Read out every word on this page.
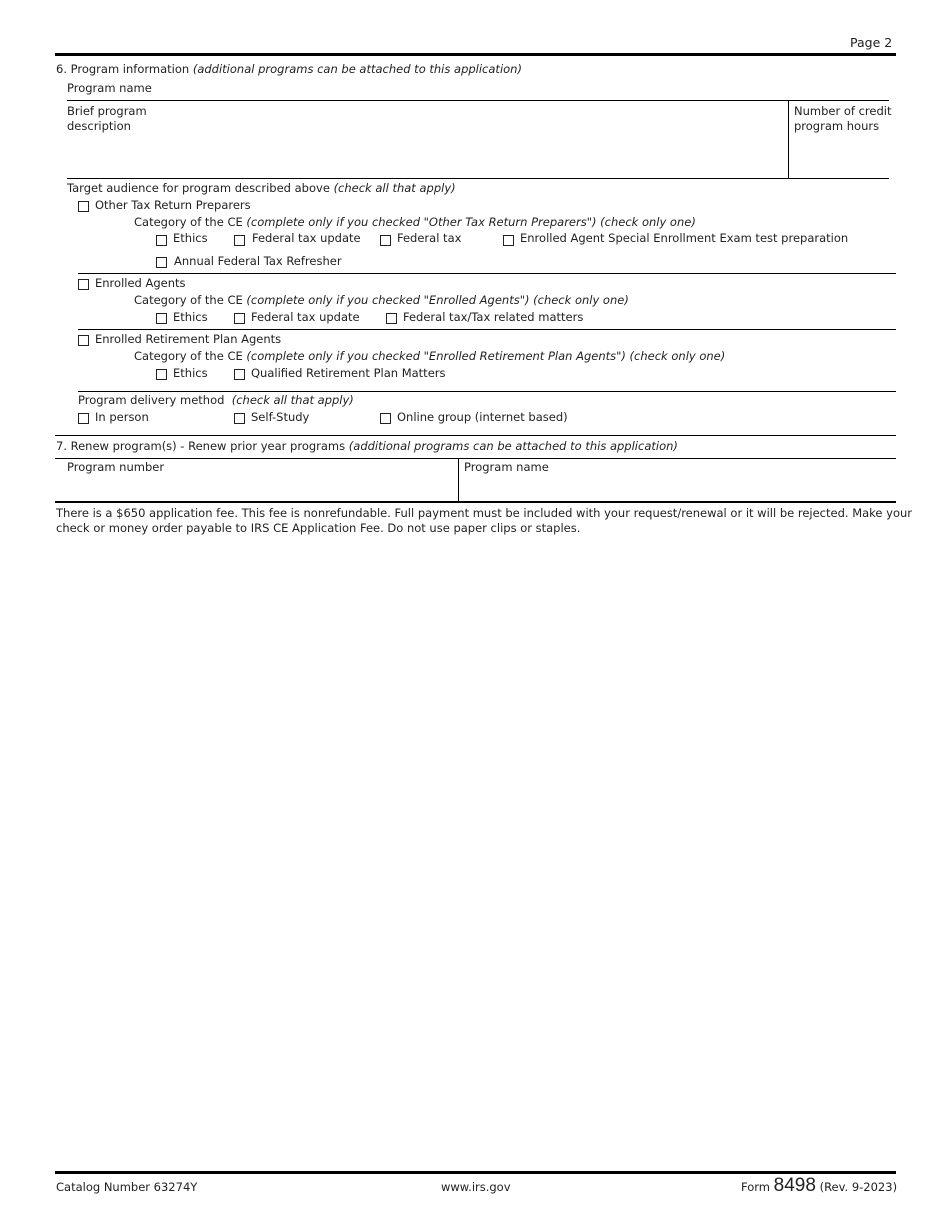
Page 2
6. Program information (additional programs can be attached to this application)
Program name
Brief program
description
Number of credit
program hours
Target audience for program described above (check all that apply)
Other Tax Return Preparers
Category of the CE (complete only if you checked "Other Tax Return Preparers") (check only one)
Ethics	Federal tax update	Federal tax	Enrolled Agent Special Enrollment Exam test preparation
Annual Federal Tax Refresher
Enrolled Agents
Category of the CE (complete only if you checked "Enrolled Agents") (check only one)
Ethics	Federal tax update	Federal tax/Tax related matters
Enrolled Retirement Plan Agents
Category of the CE (complete only if you checked "Enrolled Retirement Plan Agents") (check only one)
Ethics	Qualified Retirement Plan Matters
Program delivery method (check all that apply)
In person	Self-Study	Online group (internet based)
7. Renew program(s) - Renew prior year programs (additional programs can be attached to this application)
Program number	Program name
There is a $650 application fee. This fee is nonrefundable. Full payment must be included with your request/renewal or it will be rejected. Make your
check or money order payable to IRS CE Application Fee. Do not use paper clips or staples.
Catalog Number 63274Y	www.irs.gov	Form 8498 (Rev. 9-2023)
